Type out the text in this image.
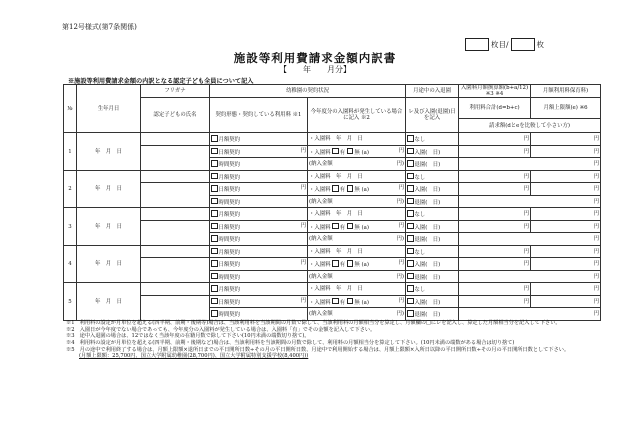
第12号様式(第7条関係)
枚目/	枚
施設等利用費請求金額内訳書
【　　年　　月分】
※施設等利用費請求金額の内訳となる認定子ども全員について記入
№	生年月日	フリガナ	幼稚園の契約状況		月途中の入退園	入園料月額換算額(b+a/12) ※3 ※4	月額利用料保育料)
		認定子どもの氏名	契約形態・契約している利用料 ※1	今年度分の入園料が発生している場合に記入 ※2	レ及び入園(退園)日を記入	利用料合計(d=b+c)	月額上限額(e) ※6
						請求額(dとeを比較して小さい方)	
1	年　月　日		月額契約	・入園料　年　月　日	なし	円	円
			日額契約 円	・入園料 有 無 (a) 円	入園(　日)	円	円
			時間契約	(納入金額 円)	退園(　日)	円	
2	年　月　日		月額契約	・入園料　年　月　日	なし	円	円
			日額契約 円	・入園料 有 無 (a) 円	入園(　日)	円	円
			時間契約	(納入金額 円)	退園(　日)	円	
3	年　月　日		月額契約	・入園料　年　月　日	なし	円	円
			日額契約 円	・入園料 有 無 (a) 円	入園(　日)	円	円
			時間契約	(納入金額 円)	退園(　日)	円	
4	年　月　日		月額契約	・入園料　年　月　日	なし	円	円
			日額契約 円	・入園料 有 無 (a) 円	入園(　日)	円	円
			時間契約	(納入金額 円)	退園(　日)	円	
5	年　月　日		月額契約	・入園料　年　月　日	なし	円	円
			日額契約 円	・入園料 有 無 (a) 円	入園(　日)	円	円
			時間契約	(納入金額 円)	退園(　日)	円	
※1　利用料の設定が月単位を超える(四半期、前期・後期等)場合は、当該利用料を当該期間の月数で除して、当該利用料の月額相当分を算定し、月額欄の□にレを記入し、算定した月額相当分を記入して下さい。
※2　入園日が今年度でない場合であっても、今年度分の入園料が発生している場合は、入園料「有」でその金額を記入して下さい。
※3　途中入退園の場合は、12ではなく当該年度の在籍月数で除して下さい(10円未満の端数切り捨て)。
※4　利用料の設定が月単位を超える(四半期、前期・後期など)場合は、当該利用料を当該期間の月数で除して、利用料の月額相当分を算定して下さい。(10円未満の端数がある場合は切り捨て)
※5　月の途中で利用終了する場合は、月額上限額×退所日までの平日開所日数÷その月の平日開所日数、月途中で利用開始する場合は、月額上限額×入所日以降の平日開所日数÷その月の平日開所日数として下さい。
(月額上限額：25,700円、国立大学附属幼稚園(28,700円)、国立大学附属特別支援学校(8,400円))
